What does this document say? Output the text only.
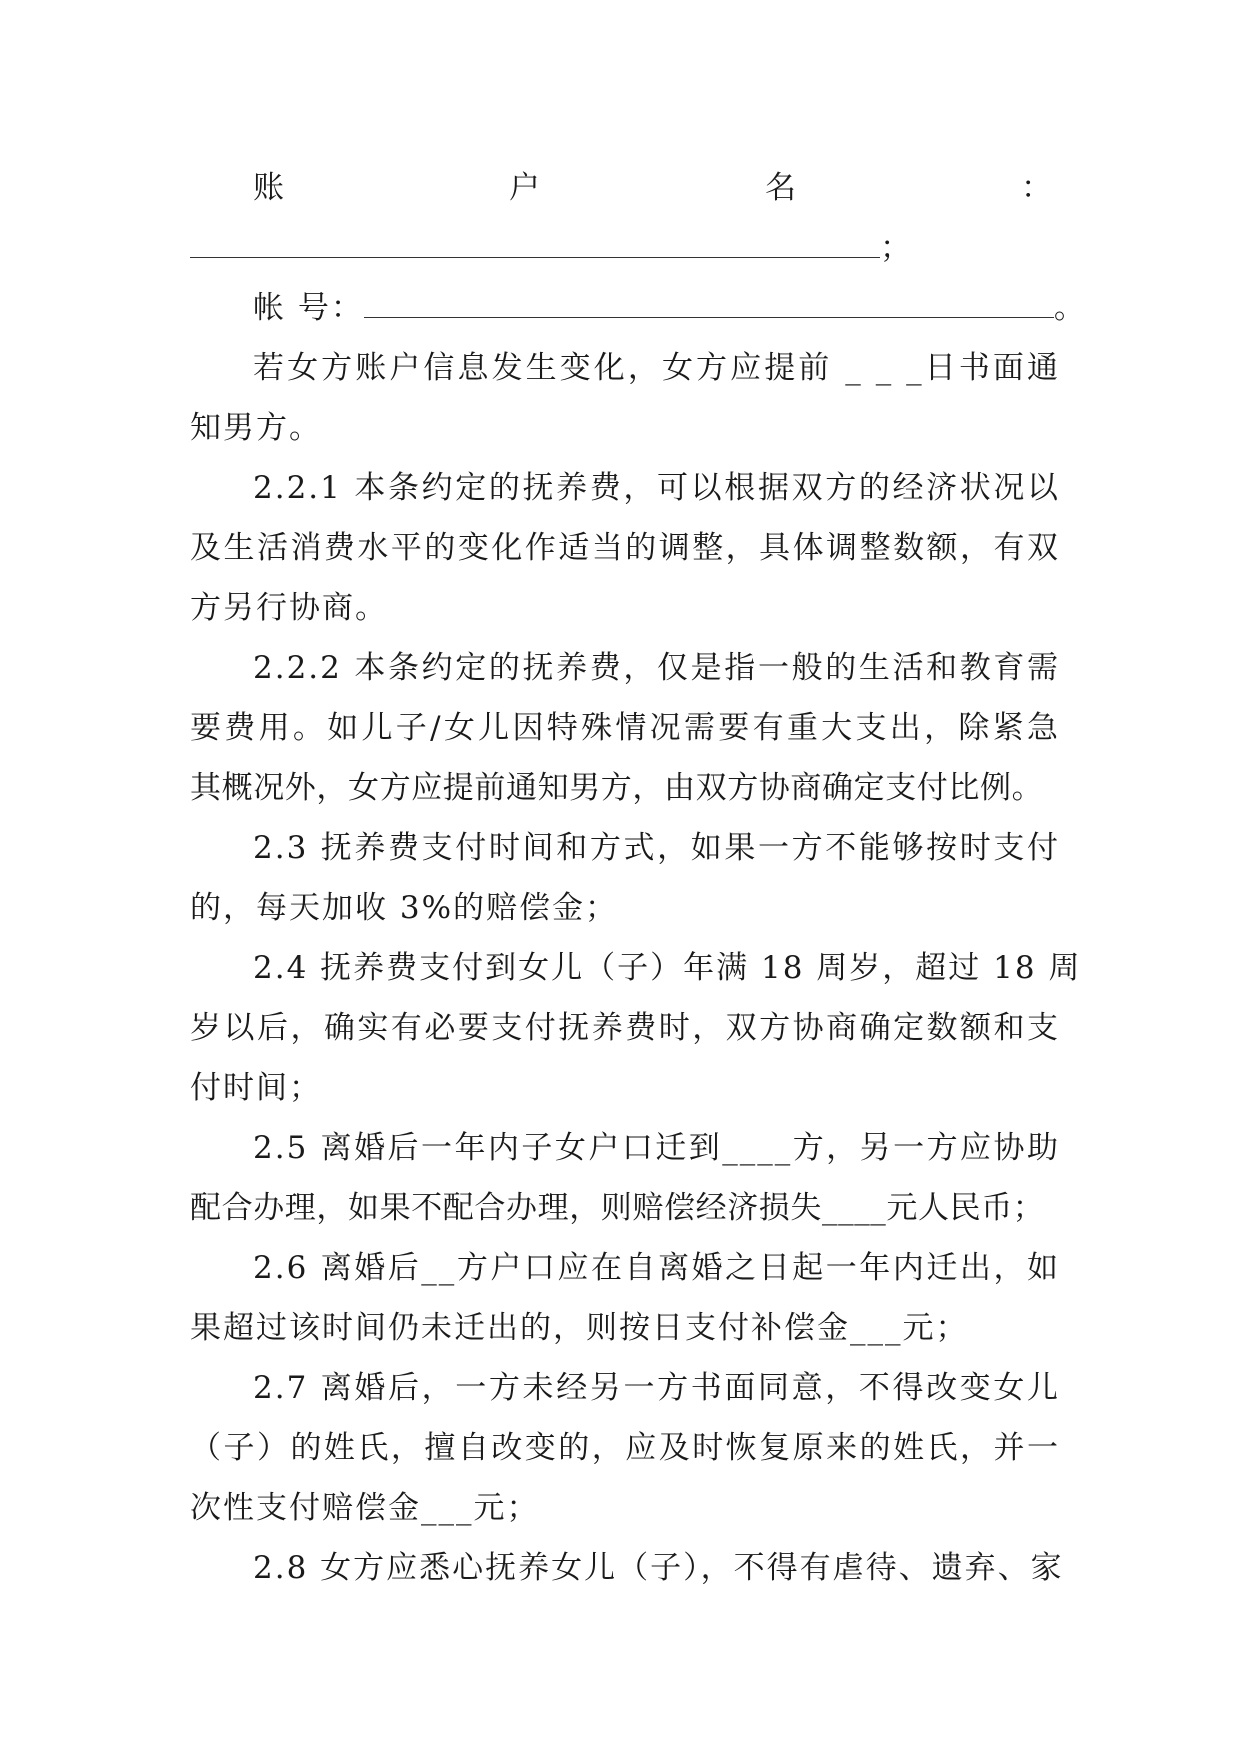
账	户	名	：
；
帐 号：	。
若女方账户信息发生变化，女方应提前 _ _ _日书面通
知男方。
2.2.1 本条约定的抚养费，可以根据双方的经济状况以
及生活消费水平的变化作适当的调整，具体调整数额，有双
方另行协商。
2.2.2 本条约定的抚养费，仅是指一般的生活和教育需
要费用。如儿子/女儿因特殊情况需要有重大支出，除紧急
其概况外，女方应提前通知男方，由双方协商确定支付比例。
2.3 抚养费支付时间和方式，如果一方不能够按时支付
的，每天加收 3%的赔偿金；
2.4 抚养费支付到女儿（子）年满 18 周岁，超过 18 周
岁以后，确实有必要支付抚养费时，双方协商确定数额和支
付时间；
2.5 离婚后一年内子女户口迁到____方，另一方应协助
配合办理，如果不配合办理，则赔偿经济损失____元人民币；
2.6 离婚后__方户口应在自离婚之日起一年内迁出，如
果超过该时间仍未迁出的，则按日支付补偿金___元；
2.7 离婚后，一方未经另一方书面同意，不得改变女儿
（子）的姓氏，擅自改变的，应及时恢复原来的姓氏，并一
次性支付赔偿金___元；
2.8 女方应悉心抚养女儿（子），不得有虐待、遗弃、家
